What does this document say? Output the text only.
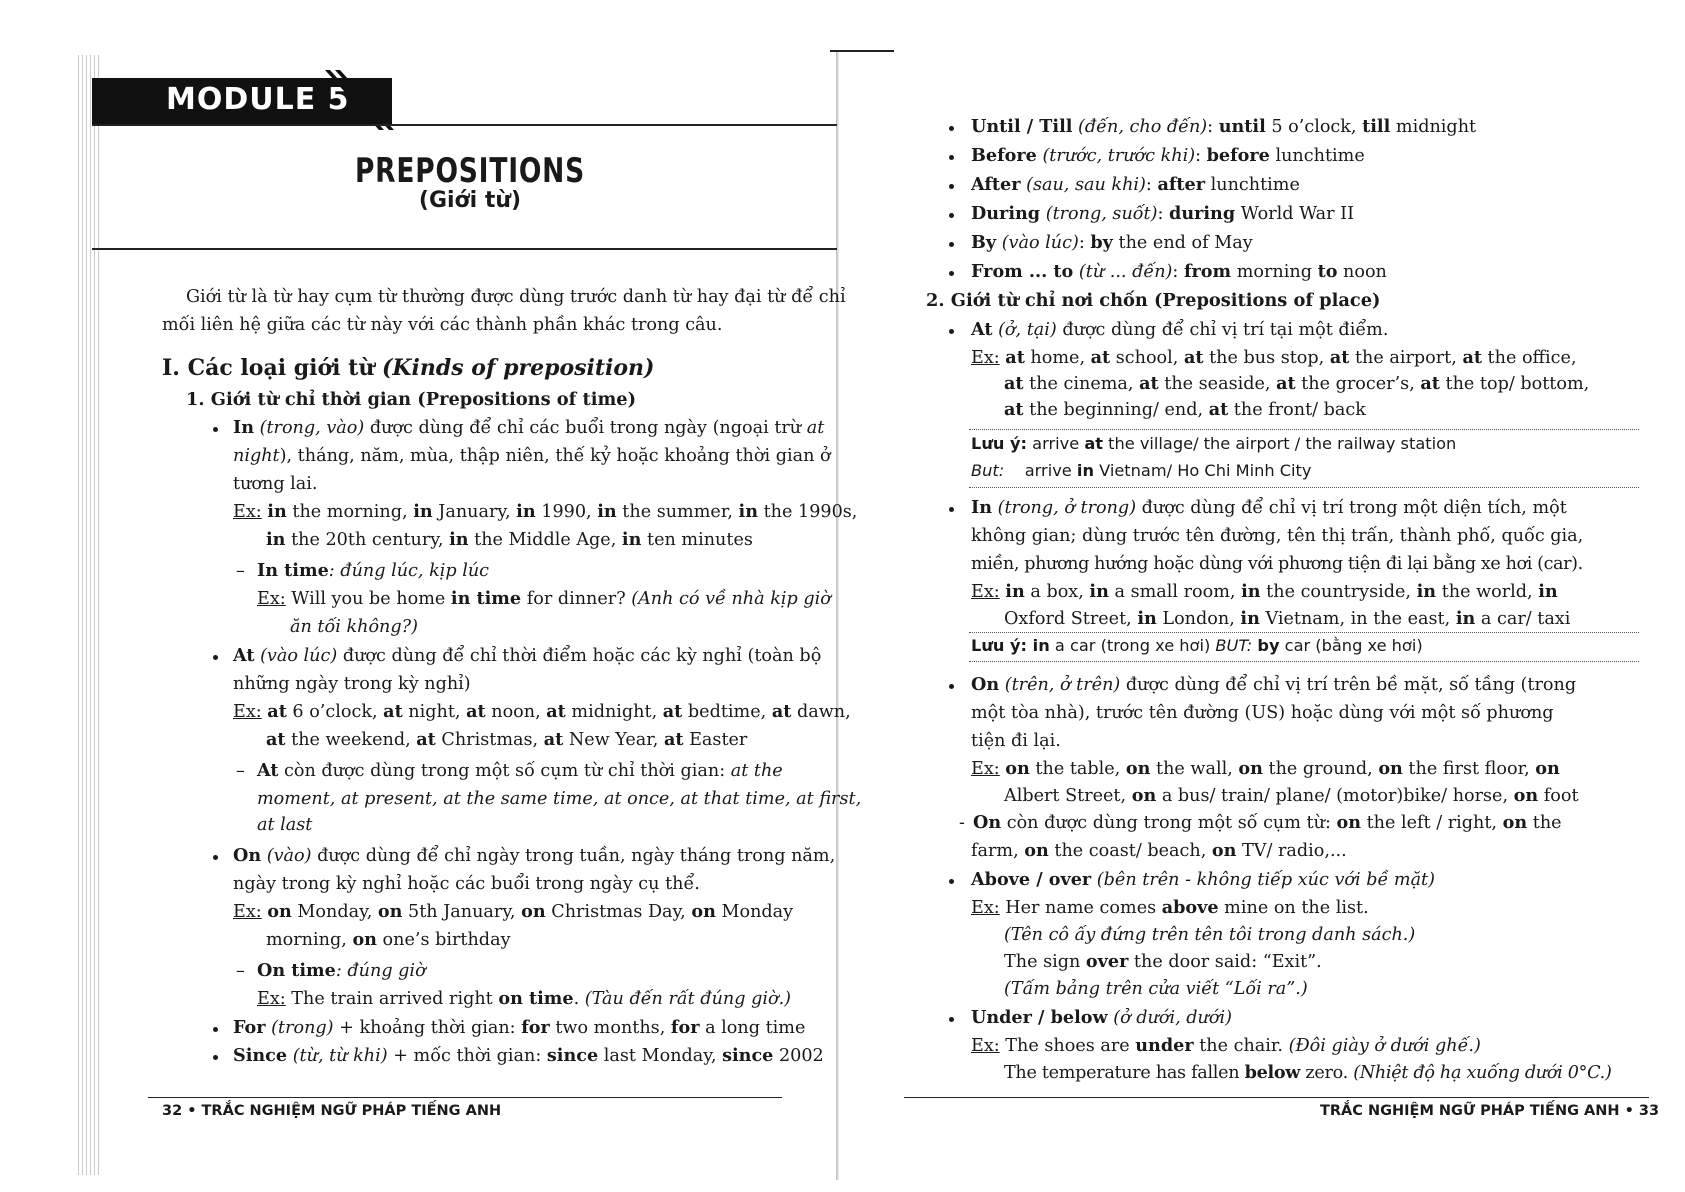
MODULE 5
PREPOSITIONS
(Giới từ)
Giới từ là từ hay cụm từ thường được dùng trước danh từ hay đại từ để chỉ
mối liên hệ giữa các từ này với các thành phần khác trong câu.
I. Các loại giới từ (Kinds of preposition)
1. Giới từ chỉ thời gian (Prepositions of time)
In (trong, vào) được dùng để chỉ các buổi trong ngày (ngoại trừ at
night), tháng, năm, mùa, thập niên, thế kỷ hoặc khoảng thời gian ở
tương lai.
Ex: in the morning, in January, in 1990, in the summer, in the 1990s,
in the 20th century, in the Middle Age, in ten minutes
– In time: đúng lúc, kịp lúc
Ex: Will you be home in time for dinner? (Anh có về nhà kịp giờ
ăn tối không?)
At (vào lúc) được dùng để chỉ thời điểm hoặc các kỳ nghỉ (toàn bộ
những ngày trong kỳ nghỉ)
Ex: at 6 o’clock, at night, at noon, at midnight, at bedtime, at dawn,
at the weekend, at Christmas, at New Year, at Easter
– At còn được dùng trong một số cụm từ chỉ thời gian: at the
moment, at present, at the same time, at once, at that time, at first,
at last
On (vào) được dùng để chỉ ngày trong tuần, ngày tháng trong năm,
ngày trong kỳ nghỉ hoặc các buổi trong ngày cụ thể.
Ex: on Monday, on 5th January, on Christmas Day, on Monday
morning, on one’s birthday
– On time: đúng giờ
Ex: The train arrived right on time. (Tàu đến rất đúng giờ.)
For (trong) + khoảng thời gian: for two months, for a long time
Since (từ, từ khi) + mốc thời gian: since last Monday, since 2002
32 • TRẮC NGHIỆM NGỮ PHÁP TIẾNG ANH
Until / Till (đến, cho đến): until 5 o’clock, till midnight
Before (trước, trước khi): before lunchtime
After (sau, sau khi): after lunchtime
During (trong, suốt): during World War II
By (vào lúc): by the end of May
From ... to (từ ... đến): from morning to noon
2. Giới từ chỉ nơi chốn (Prepositions of place)
At (ở, tại) được dùng để chỉ vị trí tại một điểm.
Ex: at home, at school, at the bus stop, at the airport, at the office,
at the cinema, at the seaside, at the grocer’s, at the top/ bottom,
at the beginning/ end, at the front/ back
Lưu ý: arrive at the village/ the airport / the railway station
But: arrive in Vietnam/ Ho Chi Minh City
In (trong, ở trong) được dùng để chỉ vị trí trong một diện tích, một
không gian; dùng trước tên đường, tên thị trấn, thành phố, quốc gia,
miền, phương hướng hoặc dùng với phương tiện đi lại bằng xe hơi (car).
Ex: in a box, in a small room, in the countryside, in the world, in
Oxford Street, in London, in Vietnam, in the east, in a car/ taxi
Lưu ý: in a car (trong xe hơi) BUT: by car (bằng xe hơi)
On (trên, ở trên) được dùng để chỉ vị trí trên bề mặt, số tầng (trong
một tòa nhà), trước tên đường (US) hoặc dùng với một số phương
tiện đi lại.
Ex: on the table, on the wall, on the ground, on the first floor, on
Albert Street, on a bus/ train/ plane/ (motor)bike/ horse, on foot
- On còn được dùng trong một số cụm từ: on the left / right, on the
farm, on the coast/ beach, on TV/ radio,...
Above / over (bên trên - không tiếp xúc với bề mặt)
Ex: Her name comes above mine on the list.
(Tên cô ấy đứng trên tên tôi trong danh sách.)
The sign over the door said: “Exit”.
(Tấm bảng trên cửa viết “Lối ra”.)
Under / below (ở dưới, dưới)
Ex: The shoes are under the chair. (Đôi giày ở dưới ghế.)
The temperature has fallen below zero. (Nhiệt độ hạ xuống dưới 0°C.)
TRẮC NGHIỆM NGỮ PHÁP TIẾNG ANH • 33
